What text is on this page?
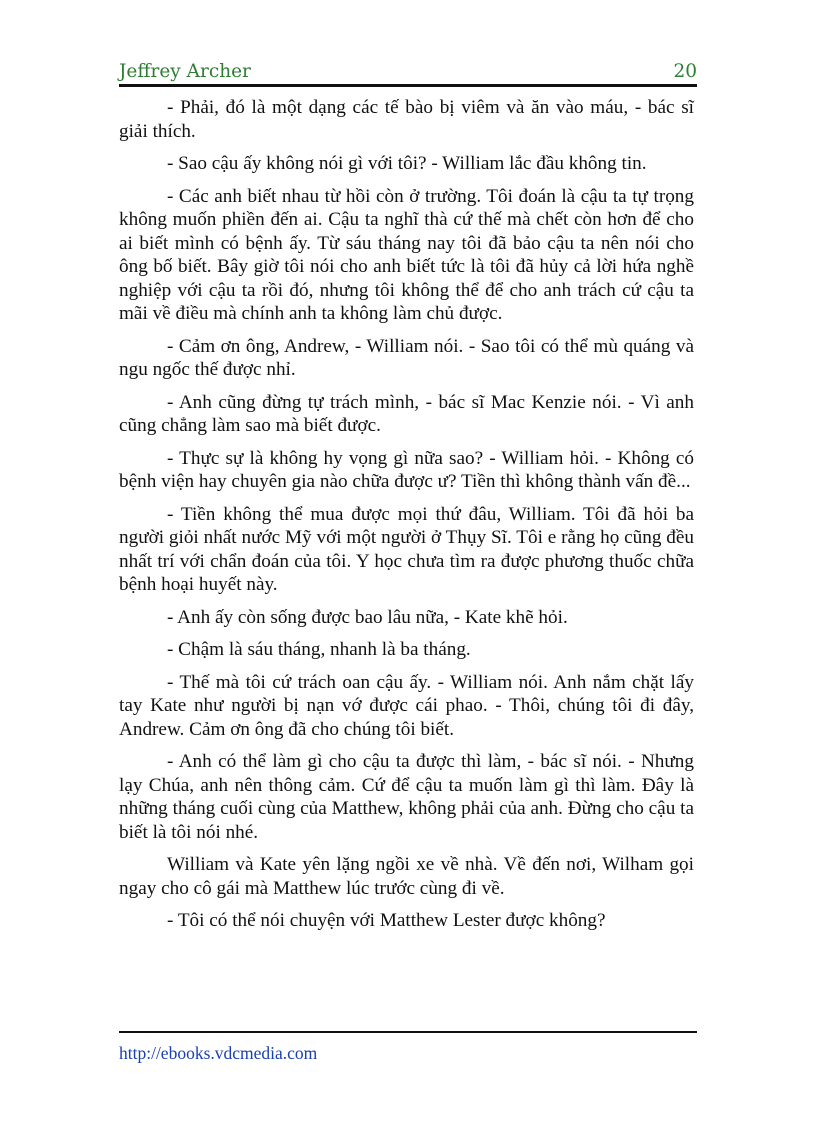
Jeffrey Archer	20

- Phải, đó là một dạng các tế bào bị viêm và ăn vào máu, - bác sĩ giải thích.

- Sao cậu ấy không nói gì với tôi? - William lắc đầu không tin.

- Các anh biết nhau từ hồi còn ở trường. Tôi đoán là cậu ta tự trọng không muốn phiền đến ai. Cậu ta nghĩ thà cứ thế mà chết còn hơn để cho ai biết mình có bệnh ấy. Từ sáu tháng nay tôi đã bảo cậu ta nên nói cho ông bố biết. Bây giờ tôi nói cho anh biết tức là tôi đã hủy cả lời hứa nghề nghiệp với cậu ta rồi đó, nhưng tôi không thể để cho anh trách cứ cậu ta mãi về điều mà chính anh ta không làm chủ được.

- Cảm ơn ông, Andrew, - William nói. - Sao tôi có thể mù quáng và ngu ngốc thế được nhỉ.

- Anh cũng đừng tự trách mình, - bác sĩ Mac Kenzie nói. - Vì anh cũng chẳng làm sao mà biết được.

- Thực sự là không hy vọng gì nữa sao? - William hỏi. - Không có bệnh viện hay chuyên gia nào chữa được ư? Tiền thì không thành vấn đề...

- Tiền không thể mua được mọi thứ đâu, William. Tôi đã hỏi ba người giỏi nhất nước Mỹ với một người ở Thụy Sĩ. Tôi e rằng họ cũng đều nhất trí với chẩn đoán của tôi. Y học chưa tìm ra được phương thuốc chữa bệnh hoại huyết này.

- Anh ấy còn sống được bao lâu nữa, - Kate khẽ hỏi.

- Chậm là sáu tháng, nhanh là ba tháng.

- Thế mà tôi cứ trách oan cậu ấy. - William nói. Anh nắm chặt lấy tay Kate như người bị nạn vớ được cái phao. - Thôi, chúng tôi đi đây, Andrew. Cảm ơn ông đã cho chúng tôi biết.

- Anh có thể làm gì cho cậu ta được thì làm, - bác sĩ nói. - Nhưng lạy Chúa, anh nên thông cảm. Cứ để cậu ta muốn làm gì thì làm. Đây là những tháng cuối cùng của Matthew, không phải của anh. Đừng cho cậu ta biết là tôi nói nhé.

William và Kate yên lặng ngồi xe về nhà. Về đến nơi, Wilham gọi ngay cho cô gái mà Matthew lúc trước cùng đi về.

- Tôi có thể nói chuyện với Matthew Lester được không?

http://ebooks.vdcmedia.com
